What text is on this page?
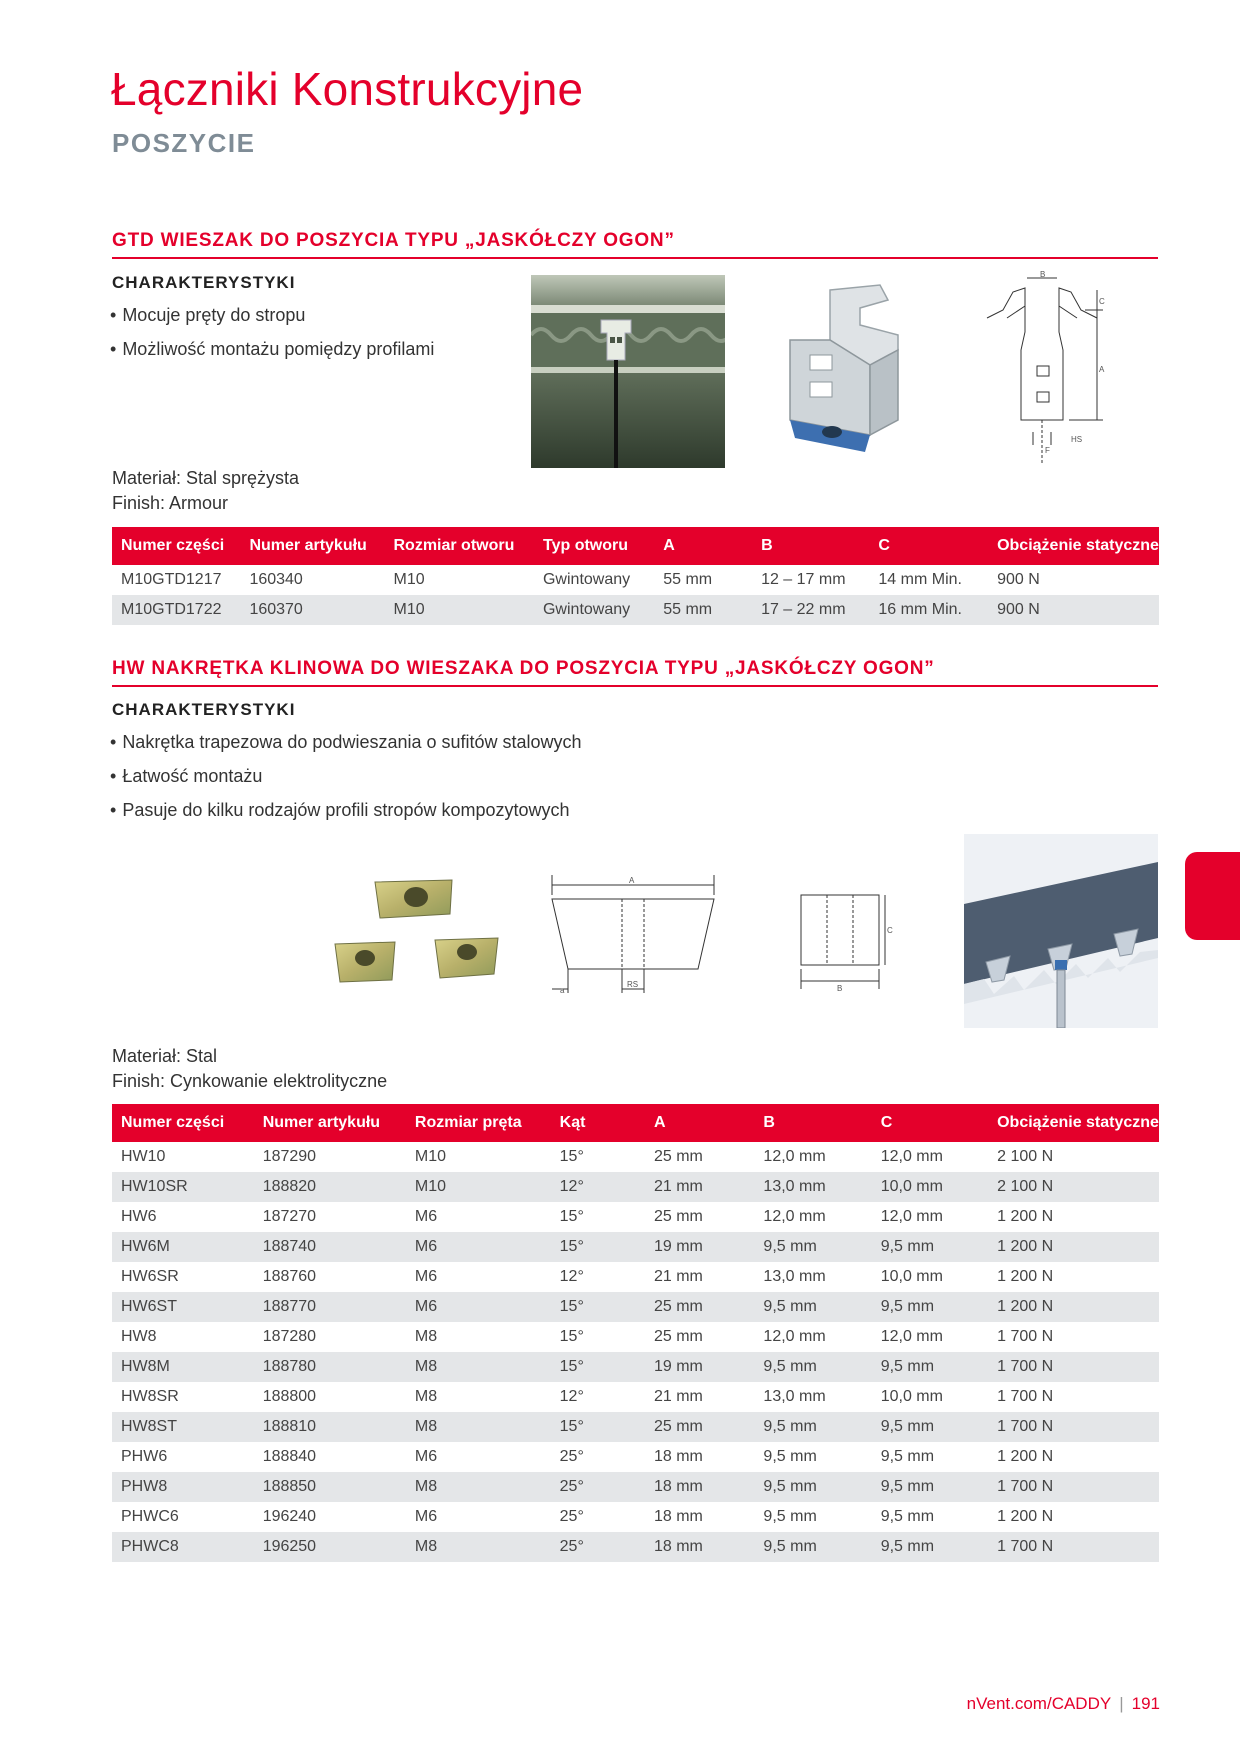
Łączniki Konstrukcyjne
POSZYCIE
GTD WIESZAK DO POSZYCIA TYPU „JASKÓŁCZY OGON”
CHARAKTERYSTYKI
• Mocuje pręty do stropu
• Możliwość montażu pomiędzy profilami
B
C
A
HS
F
Materiał: Stal sprężysta
Finish: Armour
Numer części	Numer artykułu	Rozmiar otworu	Typ otworu	A	B	C	Obciążenie statyczne
M10GTD1217	160340	M10	Gwintowany	55 mm	12 – 17 mm	14 mm Min.	900 N
M10GTD1722	160370	M10	Gwintowany	55 mm	17 – 22 mm	16 mm Min.	900 N
HW NAKRĘTKA KLINOWA DO WIESZAKA DO POSZYCIA TYPU „JASKÓŁCZY OGON”
CHARAKTERYSTYKI
• Nakrętka trapezowa do podwieszania o sufitów stalowych
• Łatwość montażu
• Pasuje do kilku rodzajów profili stropów kompozytowych
A
a
RS
C
B
Materiał: Stal
Finish: Cynkowanie elektrolityczne
Numer części	Numer artykułu	Rozmiar pręta	Kąt	A	B	C	Obciążenie statyczne
HW10	187290	M10	15°	25 mm	12,0 mm	12,0 mm	2 100 N
HW10SR	188820	M10	12°	21 mm	13,0 mm	10,0 mm	2 100 N
HW6	187270	M6	15°	25 mm	12,0 mm	12,0 mm	1 200 N
HW6M	188740	M6	15°	19 mm	9,5 mm	9,5 mm	1 200 N
HW6SR	188760	M6	12°	21 mm	13,0 mm	10,0 mm	1 200 N
HW6ST	188770	M6	15°	25 mm	9,5 mm	9,5 mm	1 200 N
HW8	187280	M8	15°	25 mm	12,0 mm	12,0 mm	1 700 N
HW8M	188780	M8	15°	19 mm	9,5 mm	9,5 mm	1 700 N
HW8SR	188800	M8	12°	21 mm	13,0 mm	10,0 mm	1 700 N
HW8ST	188810	M8	15°	25 mm	9,5 mm	9,5 mm	1 700 N
PHW6	188840	M6	25°	18 mm	9,5 mm	9,5 mm	1 200 N
PHW8	188850	M8	25°	18 mm	9,5 mm	9,5 mm	1 700 N
PHWC6	196240	M6	25°	18 mm	9,5 mm	9,5 mm	1 200 N
PHWC8	196250	M8	25°	18 mm	9,5 mm	9,5 mm	1 700 N
nVent.com/CADDY | 191
